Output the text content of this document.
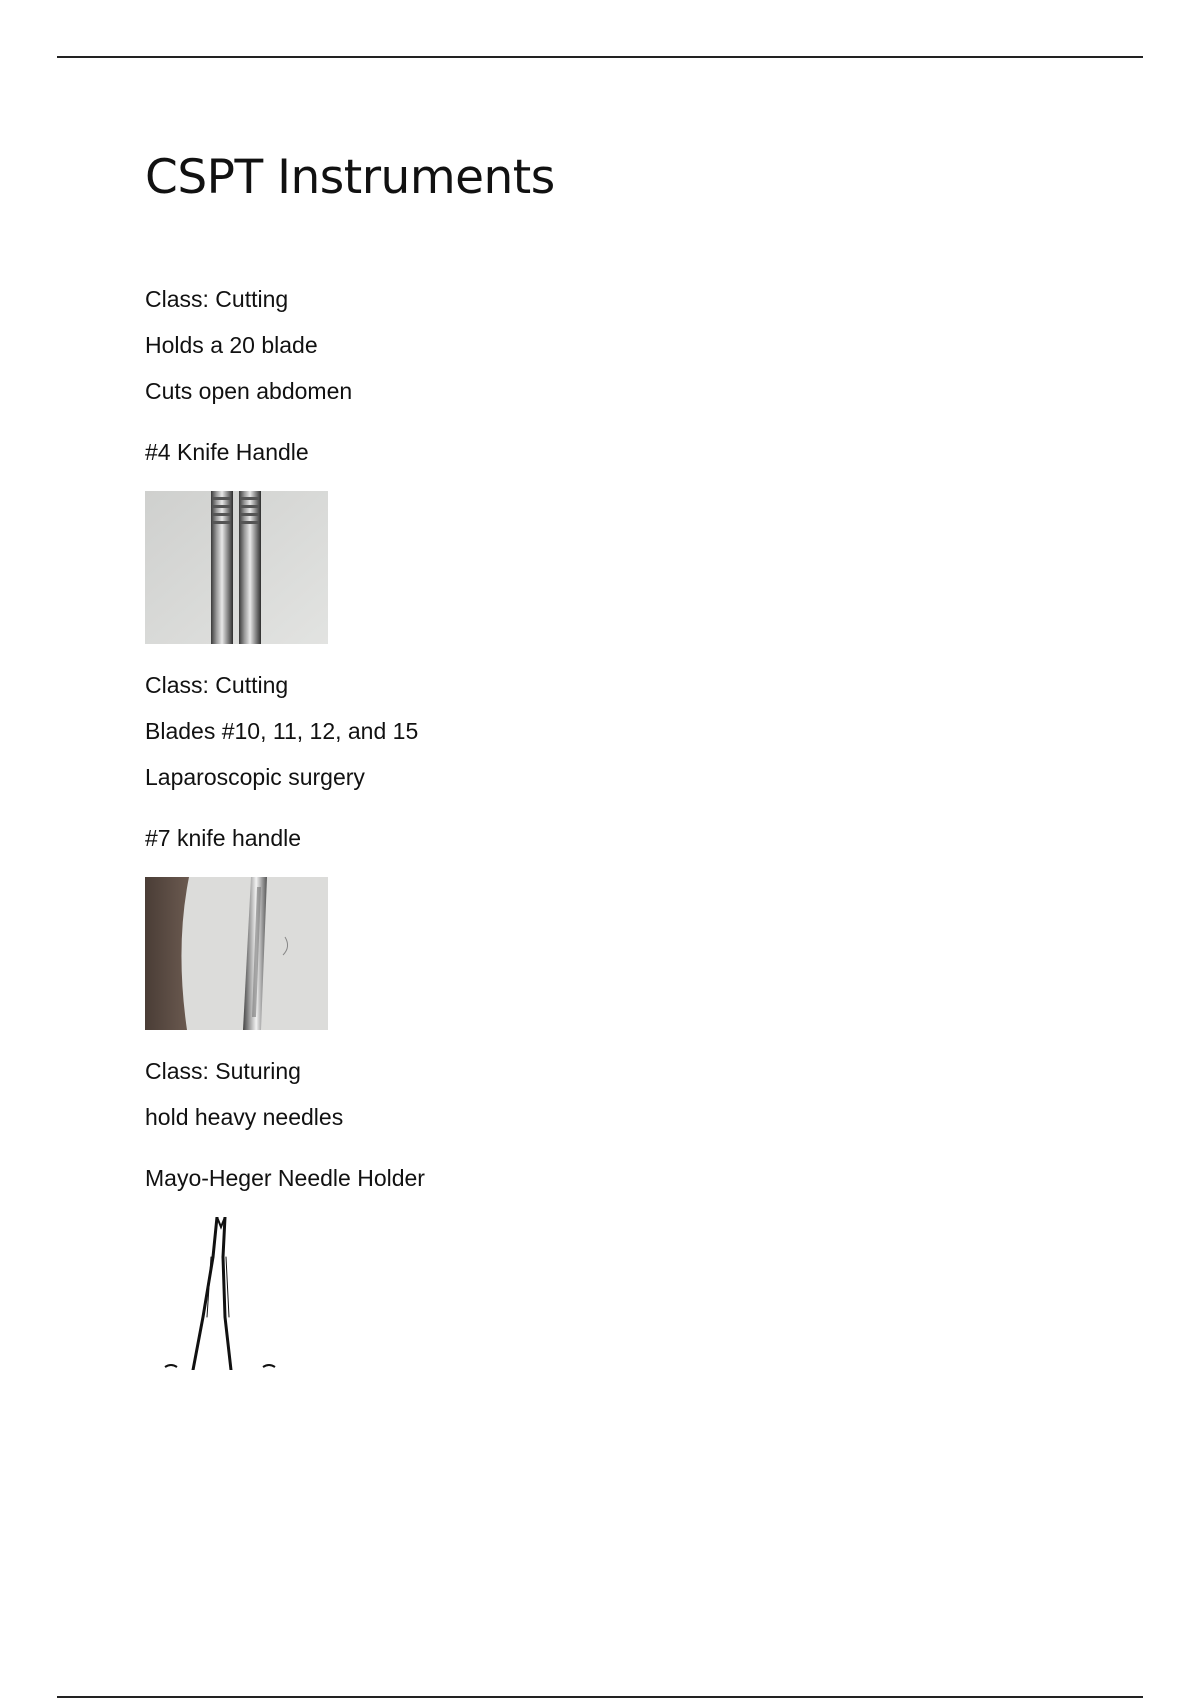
CSPT Instruments

Class: Cutting

Holds a 20 blade

Cuts open abdomen

#4 Knife Handle

Class: Cutting

Blades #10, 11, 12, and 15

Laparoscopic surgery

#7 knife handle

Class: Suturing

hold heavy needles

Mayo-Heger Needle Holder
